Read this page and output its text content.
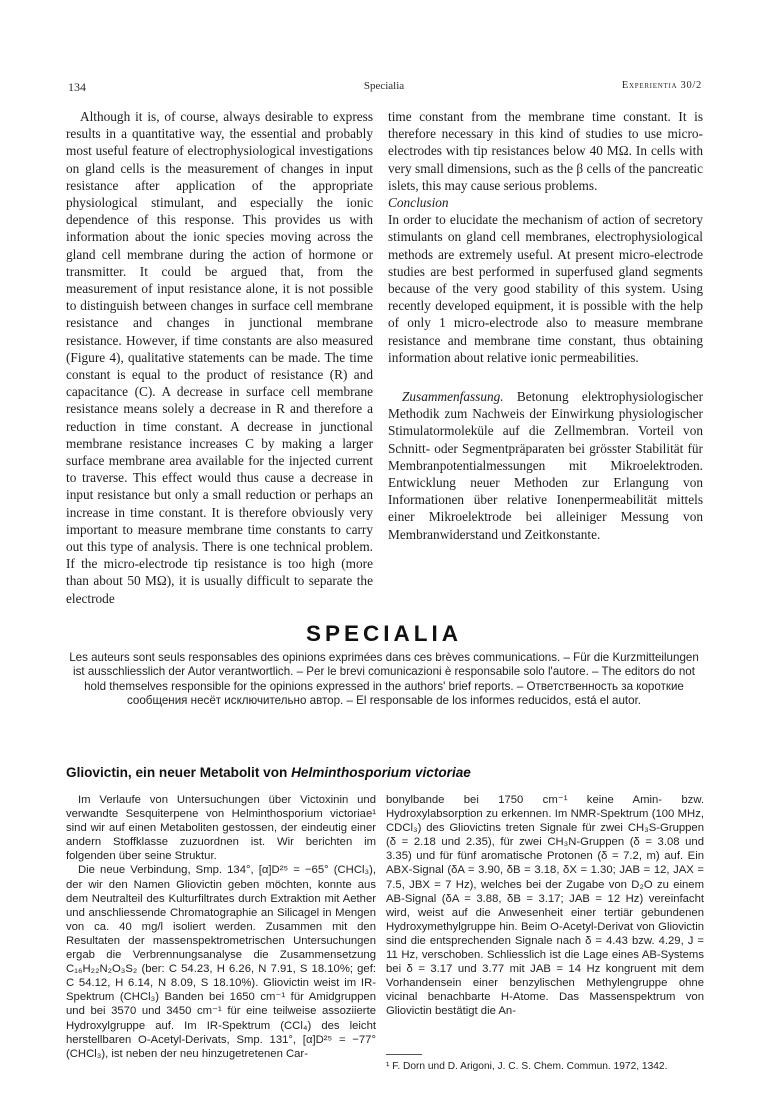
134	Specialia	Experientia 30/2

Although it is, of course, always desirable to express results in a quantitative way, the essential and probably most useful feature of electrophysiological investigations on gland cells is the measurement of changes in input resistance after application of the appropriate physiological stimulant, and especially the ionic dependence of this response. This provides us with information about the ionic species moving across the gland cell membrane during the action of hormone or transmitter. It could be argued that, from the measurement of input resistance alone, it is not possible to distinguish between changes in surface cell membrane resistance and changes in junctional membrane resistance. However, if time constants are also measured (Figure 4), qualitative statements can be made. The time constant is equal to the product of resistance (R) and capacitance (C). A decrease in surface cell membrane resistance means solely a decrease in R and therefore a reduction in time constant. A decrease in junctional membrane resistance increases C by making a larger surface membrane area available for the injected current to traverse. This effect would thus cause a decrease in input resistance but only a small reduction or perhaps an increase in time constant. It is therefore obviously very important to measure membrane time constants to carry out this type of analysis. There is one technical problem. If the micro-electrode tip resistance is too high (more than about 50 MΩ), it is usually difficult to separate the electrode

time constant from the membrane time constant. It is therefore necessary in this kind of studies to use micro-electrodes with tip resistances below 40 MΩ. In cells with very small dimensions, such as the β cells of the pancreatic islets, this may cause serious problems.

Conclusion

In order to elucidate the mechanism of action of secretory stimulants on gland cell membranes, electrophysiological methods are extremely useful. At present micro-electrode studies are best performed in superfused gland segments because of the very good stability of this system. Using recently developed equipment, it is possible with the help of only 1 micro-electrode also to measure membrane resistance and membrane time constant, thus obtaining information about relative ionic permeabilities.

Zusammenfassung. Betonung elektrophysiologischer Methodik zum Nachweis der Einwirkung physiologischer Stimulatormoleküle auf die Zellmembran. Vorteil von Schnitt- oder Segmentpräparaten bei grösster Stabilität für Membranpotentialmessungen mit Mikroelektroden. Entwicklung neuer Methoden zur Erlangung von Informationen über relative Ionenpermeabilität mittels einer Mikroelektrode bei alleiniger Messung von Membranwiderstand und Zeitkonstante.

SPECIALIA
Les auteurs sont seuls responsables des opinions exprimées dans ces brèves communications. – Für die Kurzmitteilungen ist ausschliesslich der Autor verantwortlich. – Per le brevi comunicazioni è responsabile solo l'autore. – The editors do not hold themselves responsible for the opinions expressed in the authors' brief reports. – Ответственность за короткие сообщения несёт исключительно автор. – El responsable de los informes reducidos, está el autor.
Gliovictin, ein neuer Metabolit von Helminthosporium victoriae

Im Verlaufe von Untersuchungen über Victoxinin und verwandte Sesquiterpene von Helminthosporium victoriae¹ sind wir auf einen Metaboliten gestossen, der eindeutig einer andern Stoffklasse zuzuordnen ist. Wir berichten im folgenden über seine Struktur.

Die neue Verbindung, Smp. 134°, [α]D²⁵ = −65° (CHCl₃), der wir den Namen Gliovictin geben möchten, konnte aus dem Neutralteil des Kulturfiltrates durch Extraktion mit Aether und anschliessende Chromatographie an Silicagel in Mengen von ca. 40 mg/l isoliert werden. Zusammen mit den Resultaten der massenspektrometrischen Untersuchungen ergab die Verbrennungsanalyse die Zusammensetzung C₁₆H₂₂N₂O₃S₂ (ber: C 54.23, H 6.26, N 7.91, S 18.10%; gef: C 54.12, H 6.14, N 8.09, S 18.10%). Gliovictin weist im IR-Spektrum (CHCl₃) Banden bei 1650 cm⁻¹ für Amidgruppen und bei 3570 und 3450 cm⁻¹ für eine teilweise assoziierte Hydroxylgruppe auf. Im IR-Spektrum (CCl₄) des leicht herstellbaren O-Acetyl-Derivats, Smp. 131°, [α]D²⁵ = −77° (CHCl₃), ist neben der neu hinzugetretenen Car-

bonylbande bei 1750 cm⁻¹ keine Amin- bzw. Hydroxylabsorption zu erkennen. Im NMR-Spektrum (100 MHz, CDCl₃) des Gliovictins treten Signale für zwei CH₃S-Gruppen (δ = 2.18 und 2.35), für zwei CH₃N-Gruppen (δ = 3.08 und 3.35) und für fünf aromatische Protonen (δ = 7.2, m) auf. Ein ABX-Signal (δA = 3.90, δB = 3.18, δX = 1.30; JAB = 12, JAX = 7.5, JBX = 7 Hz), welches bei der Zugabe von D₂O zu einem AB-Signal (δA = 3.88, δB = 3.17; JAB = 12 Hz) vereinfacht wird, weist auf die Anwesenheit einer tertiär gebundenen Hydroxymethylgruppe hin. Beim O-Acetyl-Derivat von Gliovictin sind die entsprechenden Signale nach δ = 4.43 bzw. 4.29, J = 11 Hz, verschoben. Schliesslich ist die Lage eines AB-Systems bei δ = 3.17 und 3.77 mit JAB = 14 Hz kongruent mit dem Vorhandensein einer benzylischen Methylengruppe ohne vicinal benachbarte H-Atome. Das Massenspektrum von Gliovictin bestätigt die An-

¹ F. Dorn und D. Arigoni, J. C. S. Chem. Commun. 1972, 1342.
